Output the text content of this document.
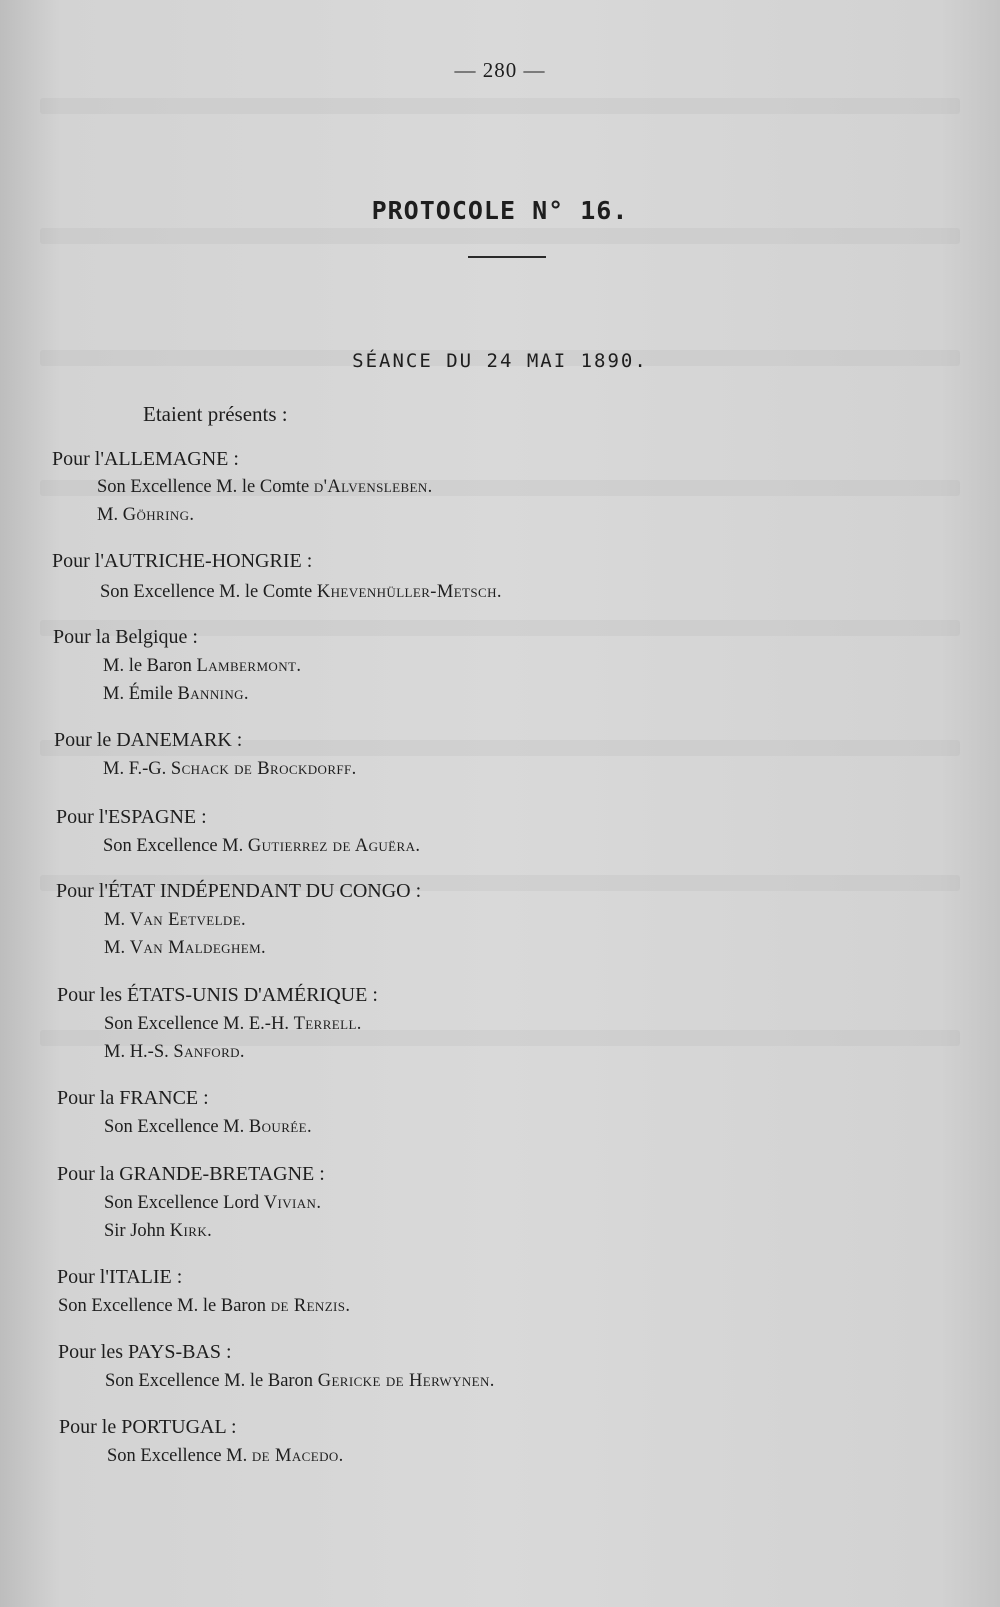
— 280 —
PROTOCOLE N° 16.
SÉANCE DU 24 MAI 1890.
Etaient présents :
Pour l'ALLEMAGNE :
Son Excellence M. le Comte d'Alvensleben.
M. Göhring.
Pour l'AUTRICHE-HONGRIE :
Son Excellence M. le Comte Khevenhüller-Metsch.
Pour la Belgique :
M. le Baron Lambermont.
M. Émile Banning.
Pour le DANEMARK :
M. F.-G. Schack de Brockdorff.
Pour l'ESPAGNE :
Son Excellence M. Gutierrez de Aguëra.
Pour l'ÉTAT INDÉPENDANT DU CONGO :
M. Van Eetvelde.
M. Van Maldeghem.
Pour les ÉTATS-UNIS D'AMÉRIQUE :
Son Excellence M. E.-H. Terrell.
M. H.-S. Sanford.
Pour la FRANCE :
Son Excellence M. Bourée.
Pour la GRANDE-BRETAGNE :
Son Excellence Lord Vivian.
Sir John Kirk.
Pour l'ITALIE :
Son Excellence M. le Baron de Renzis.
Pour les PAYS-BAS :
Son Excellence M. le Baron Gericke de Herwynen.
Pour le PORTUGAL :
Son Excellence M. de Macedo.
